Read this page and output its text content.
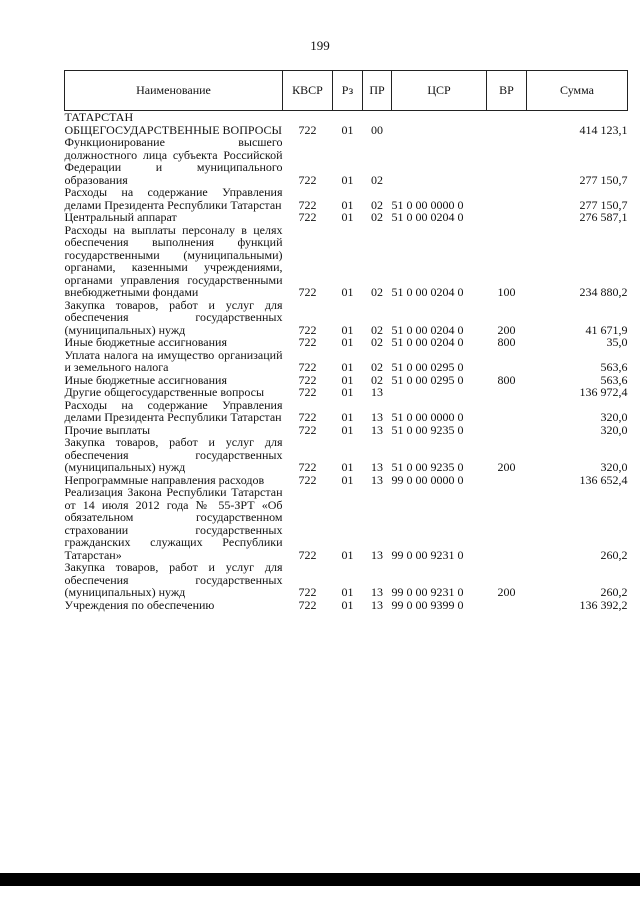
199
Наименование	КВСР	Рз	ПР	ЦСР	ВР	Сумма
ТАТАРСТАН						
ОБЩЕГОСУДАРСТВЕННЫЕ ВОПРОСЫ	722	01	00			414 123,1
Функционирование высшего должностного лица субъекта Российской Федерации и муниципального образования	722	01	02			277 150,7
Расходы на содержание Управления делами Президента Республики Татарстан	722	01	02	51 0 00 0000 0		277 150,7
Центральный аппарат	722	01	02	51 0 00 0204 0		276 587,1
Расходы на выплаты персоналу в целях обеспечения выполнения функций государственными (муниципальными) органами, казенными учреждениями, органами управления государственными внебюджетными фондами	722	01	02	51 0 00 0204 0	100	234 880,2
Закупка товаров, работ и услуг для обеспечения государственных (муниципальных) нужд	722	01	02	51 0 00 0204 0	200	41 671,9
Иные бюджетные ассигнования	722	01	02	51 0 00 0204 0	800	35,0
Уплата налога на имущество организаций и земельного налога	722	01	02	51 0 00 0295 0		563,6
Иные бюджетные ассигнования	722	01	02	51 0 00 0295 0	800	563,6
Другие общегосударственные вопросы	722	01	13			136 972,4
Расходы на содержание Управления делами Президента Республики Татарстан	722	01	13	51 0 00 0000 0		320,0
Прочие выплаты	722	01	13	51 0 00 9235 0		320,0
Закупка товаров, работ и услуг для обеспечения государственных (муниципальных) нужд	722	01	13	51 0 00 9235 0	200	320,0
Непрограммные направления расходов	722	01	13	99 0 00 0000 0		136 652,4
Реализация Закона Республики Татарстан от 14 июля 2012 года № 55-ЗРТ «Об обязательном государственном страховании государственных гражданских служащих Республики Татарстан»	722	01	13	99 0 00 9231 0		260,2
Закупка товаров, работ и услуг для обеспечения государственных (муниципальных) нужд	722	01	13	99 0 00 9231 0	200	260,2
Учреждения по обеспечению	722	01	13	99 0 00 9399 0		136 392,2
